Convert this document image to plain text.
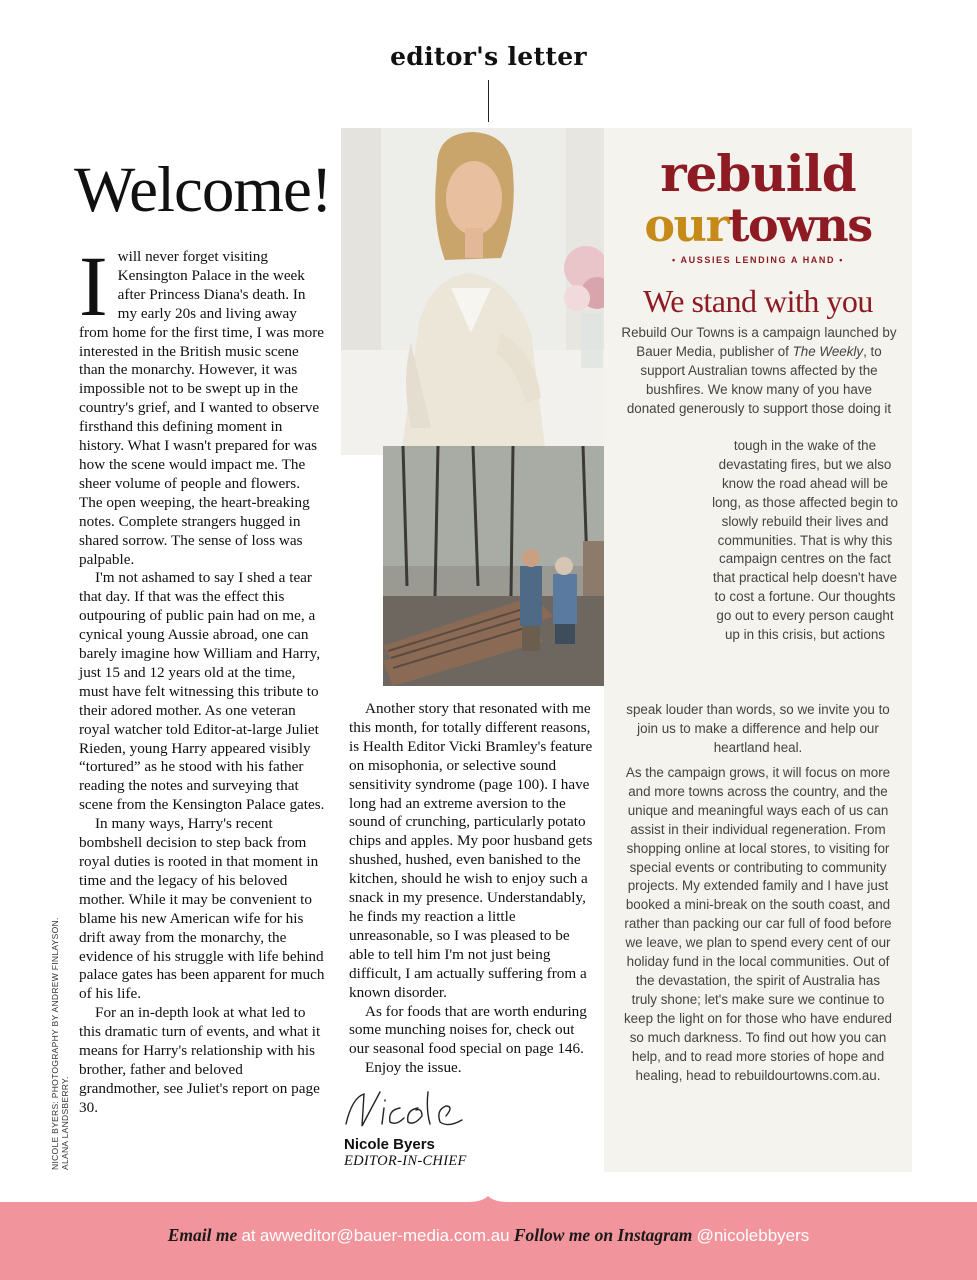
editor's letter
Welcome!

I will never forget visiting Kensington Palace in the week after Princess Diana's death. In my early 20s and living away from home for the first time, I was more interested in the British music scene than the monarchy. However, it was impossible not to be swept up in the country's grief, and I wanted to observe firsthand this defining moment in history. What I wasn't prepared for was how the scene would impact me. The sheer volume of people and flowers. The open weeping, the heart-breaking notes. Complete strangers hugged in shared sorrow. The sense of loss was palpable.

I'm not ashamed to say I shed a tear that day. If that was the effect this outpouring of public pain had on me, a cynical young Aussie abroad, one can barely imagine how William and Harry, just 15 and 12 years old at the time, must have felt witnessing this tribute to their adored mother. As one veteran royal watcher told Editor-at-large Juliet Rieden, young Harry appeared visibly “tortured” as he stood with his father reading the notes and surveying that scene from the Kensington Palace gates.

In many ways, Harry's recent bombshell decision to step back from royal duties is rooted in that moment in time and the legacy of his beloved mother. While it may be convenient to blame his new American wife for his drift away from the monarchy, the evidence of his struggle with life behind palace gates has been apparent for much of his life.

For an in-depth look at what led to this dramatic turn of events, and what it means for Harry's relationship with his brother, father and beloved grandmother, see Juliet's report on page 30.

Another story that resonated with me this month, for totally different reasons, is Health Editor Vicki Bramley's feature on misophonia, or selective sound sensitivity syndrome (page 100). I have long had an extreme aversion to the sound of crunching, particularly potato chips and apples. My poor husband gets shushed, hushed, even banished to the kitchen, should he wish to enjoy such a snack in my presence. Understandably, he finds my reaction a little unreasonable, so I was pleased to be able to tell him I'm not just being difficult, I am actually suffering from a known disorder.

As for foods that are worth enduring some munching noises for, check out our seasonal food special on page 146.

Enjoy the issue.

NICOLE BYERS: PHOTOGRAPHY BY ANDREW FINLAYSON. ALANA LANDSBERRY.	Nicole Byers
EDITOR-IN-CHIEF
rebuild
ourtowns
• AUSSIES LENDING A HAND •
We stand with you

Rebuild Our Towns is a campaign launched by Bauer Media, publisher of The Weekly, to support Australian towns affected by the bushfires. We know many of you have donated generously to support those doing it

tough in the wake of the devastating fires, but we also know the road ahead will be long, as those affected begin to slowly rebuild their lives and communities. That is why this campaign centres on the fact that practical help doesn't have to cost a fortune. Our thoughts go out to every person caught up in this crisis, but actions

speak louder than words, so we invite you to join us to make a difference and help our heartland heal.

As the campaign grows, it will focus on more and more towns across the country, and the unique and meaningful ways each of us can assist in their individual regeneration. From shopping online at local stores, to visiting for special events or contributing to community projects. My extended family and I have just booked a mini-break on the south coast, and rather than packing our car full of food before we leave, we plan to spend every cent of our holiday fund in the local communities. Out of the devastation, the spirit of Australia has truly shone; let's make sure we continue to keep the light on for those who have endured so much darkness. To find out how you can help, and to read more stories of hope and healing, head to rebuildourtowns.com.au.

Email me at awweditor@bauer-media.com.au Follow me on Instagram @nicolebbyers
